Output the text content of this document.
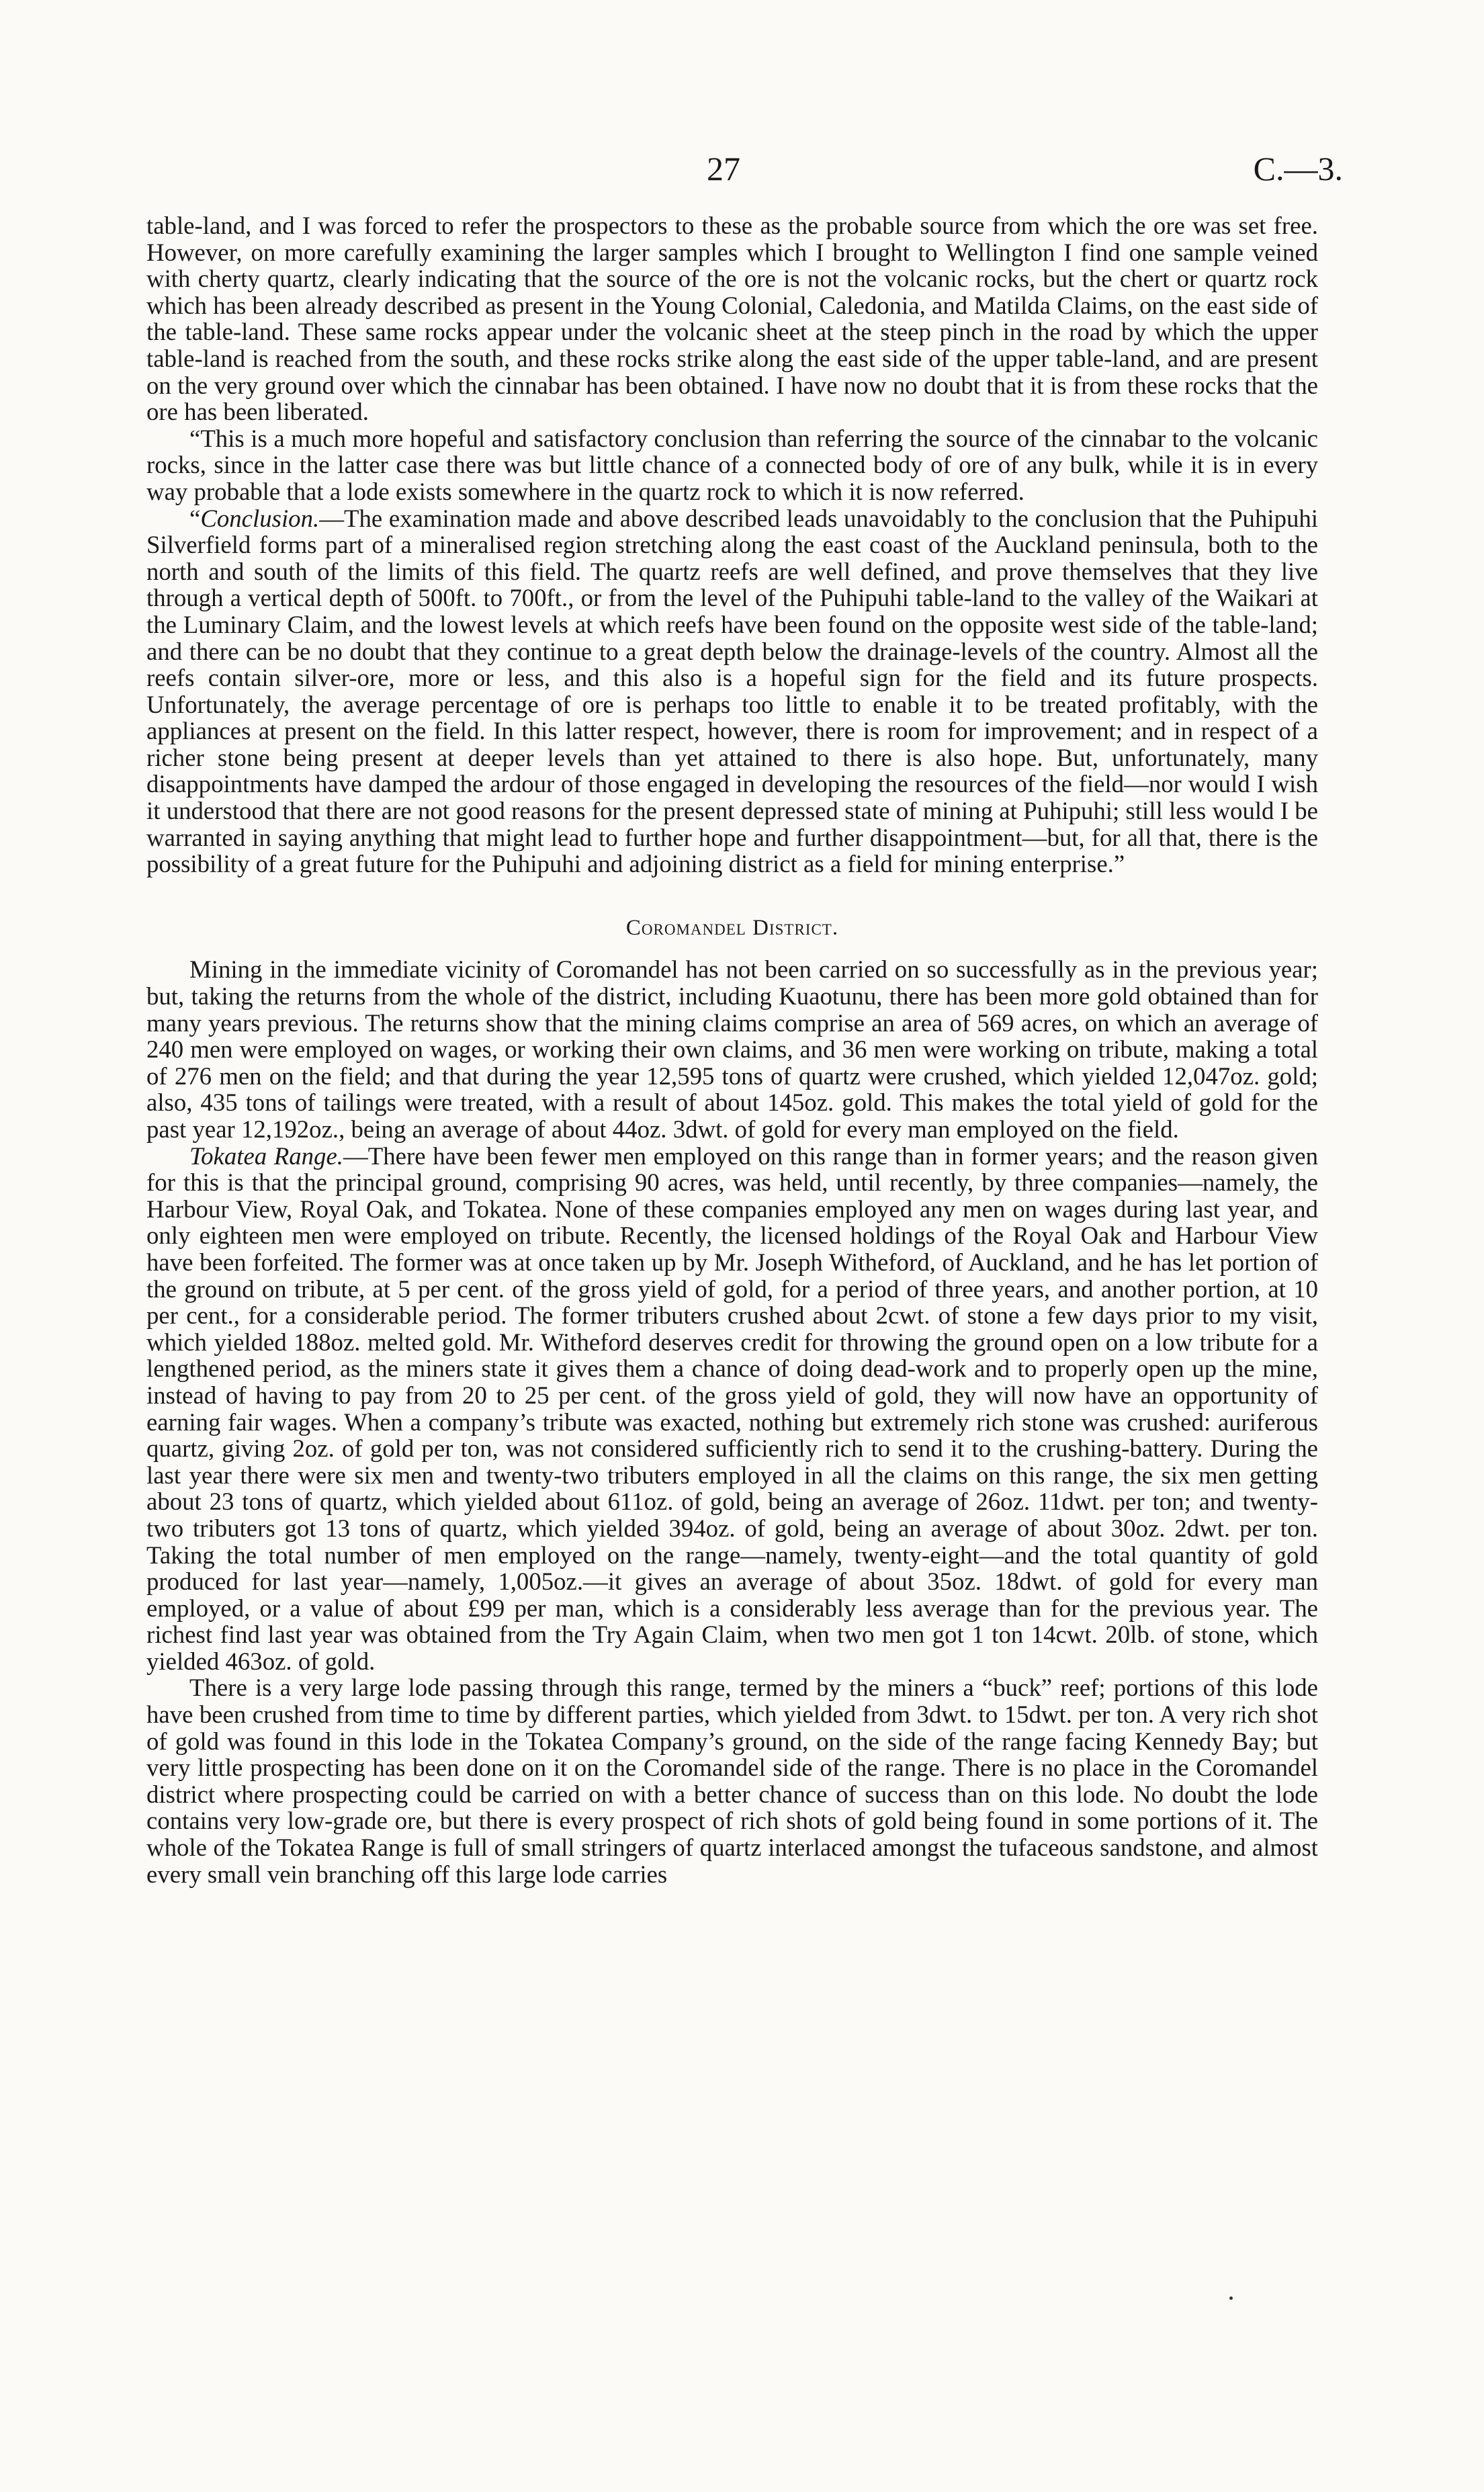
27	C.—3.

table-land, and I was forced to refer the prospectors to these as the probable source from which the ore was set free. However, on more carefully examining the larger samples which I brought to Wellington I find one sample veined with cherty quartz, clearly indicating that the source of the ore is not the volcanic rocks, but the chert or quartz rock which has been already described as present in the Young Colonial, Caledonia, and Matilda Claims, on the east side of the table-land. These same rocks appear under the volcanic sheet at the steep pinch in the road by which the upper table-land is reached from the south, and these rocks strike along the east side of the upper table-land, and are present on the very ground over which the cinnabar has been obtained. I have now no doubt that it is from these rocks that the ore has been liberated.

“This is a much more hopeful and satisfactory conclusion than referring the source of the cinnabar to the volcanic rocks, since in the latter case there was but little chance of a connected body of ore of any bulk, while it is in every way probable that a lode exists somewhere in the quartz rock to which it is now referred.

“Conclusion.—The examination made and above described leads unavoidably to the conclusion that the Puhipuhi Silverfield forms part of a mineralised region stretching along the east coast of the Auckland peninsula, both to the north and south of the limits of this field. The quartz reefs are well defined, and prove themselves that they live through a vertical depth of 500ft. to 700ft., or from the level of the Puhipuhi table-land to the valley of the Waikari at the Luminary Claim, and the lowest levels at which reefs have been found on the opposite west side of the table-land; and there can be no doubt that they continue to a great depth below the drainage-levels of the country. Almost all the reefs contain silver-ore, more or less, and this also is a hopeful sign for the field and its future prospects. Unfortunately, the average percentage of ore is perhaps too little to enable it to be treated profitably, with the appliances at present on the field. In this latter respect, however, there is room for improvement; and in respect of a richer stone being present at deeper levels than yet attained to there is also hope. But, unfortunately, many disappointments have damped the ardour of those engaged in developing the resources of the field—nor would I wish it understood that there are not good reasons for the present depressed state of mining at Puhipuhi; still less would I be warranted in saying anything that might lead to further hope and further disappointment—but, for all that, there is the possibility of a great future for the Puhipuhi and adjoining district as a field for mining enterprise.”

Coromandel District.

Mining in the immediate vicinity of Coromandel has not been carried on so successfully as in the previous year; but, taking the returns from the whole of the district, including Kuaotunu, there has been more gold obtained than for many years previous. The returns show that the mining claims comprise an area of 569 acres, on which an average of 240 men were employed on wages, or working their own claims, and 36 men were working on tribute, making a total of 276 men on the field; and that during the year 12,595 tons of quartz were crushed, which yielded 12,047oz. gold; also, 435 tons of tailings were treated, with a result of about 145oz. gold. This makes the total yield of gold for the past year 12,192oz., being an average of about 44oz. 3dwt. of gold for every man employed on the field.

Tokatea Range.—There have been fewer men employed on this range than in former years; and the reason given for this is that the principal ground, comprising 90 acres, was held, until recently, by three companies—namely, the Harbour View, Royal Oak, and Tokatea. None of these companies employed any men on wages during last year, and only eighteen men were employed on tribute. Recently, the licensed holdings of the Royal Oak and Harbour View have been forfeited. The former was at once taken up by Mr. Joseph Witheford, of Auckland, and he has let portion of the ground on tribute, at 5 per cent. of the gross yield of gold, for a period of three years, and another portion, at 10 per cent., for a considerable period. The former tributers crushed about 2cwt. of stone a few days prior to my visit, which yielded 188oz. melted gold. Mr. Witheford deserves credit for throwing the ground open on a low tribute for a lengthened period, as the miners state it gives them a chance of doing dead-work and to properly open up the mine, instead of having to pay from 20 to 25 per cent. of the gross yield of gold, they will now have an opportunity of earning fair wages. When a company’s tribute was exacted, nothing but extremely rich stone was crushed: auriferous quartz, giving 2oz. of gold per ton, was not considered sufficiently rich to send it to the crushing-battery. During the last year there were six men and twenty-two tributers employed in all the claims on this range, the six men getting about 23 tons of quartz, which yielded about 611oz. of gold, being an average of 26oz. 11dwt. per ton; and twenty-two tributers got 13 tons of quartz, which yielded 394oz. of gold, being an average of about 30oz. 2dwt. per ton. Taking the total number of men employed on the range—namely, twenty-eight—and the total quantity of gold produced for last year—namely, 1,005oz.—it gives an average of about 35oz. 18dwt. of gold for every man employed, or a value of about £99 per man, which is a considerably less average than for the previous year. The richest find last year was obtained from the Try Again Claim, when two men got 1 ton 14cwt. 20lb. of stone, which yielded 463oz. of gold.

There is a very large lode passing through this range, termed by the miners a “buck” reef; portions of this lode have been crushed from time to time by different parties, which yielded from 3dwt. to 15dwt. per ton. A very rich shot of gold was found in this lode in the Tokatea Company’s ground, on the side of the range facing Kennedy Bay; but very little prospecting has been done on it on the Coromandel side of the range. There is no place in the Coromandel district where prospecting could be carried on with a better chance of success than on this lode. No doubt the lode contains very low-grade ore, but there is every prospect of rich shots of gold being found in some portions of it. The whole of the Tokatea Range is full of small stringers of quartz interlaced amongst the tufaceous sandstone, and almost every small vein branching off this large lode carries
